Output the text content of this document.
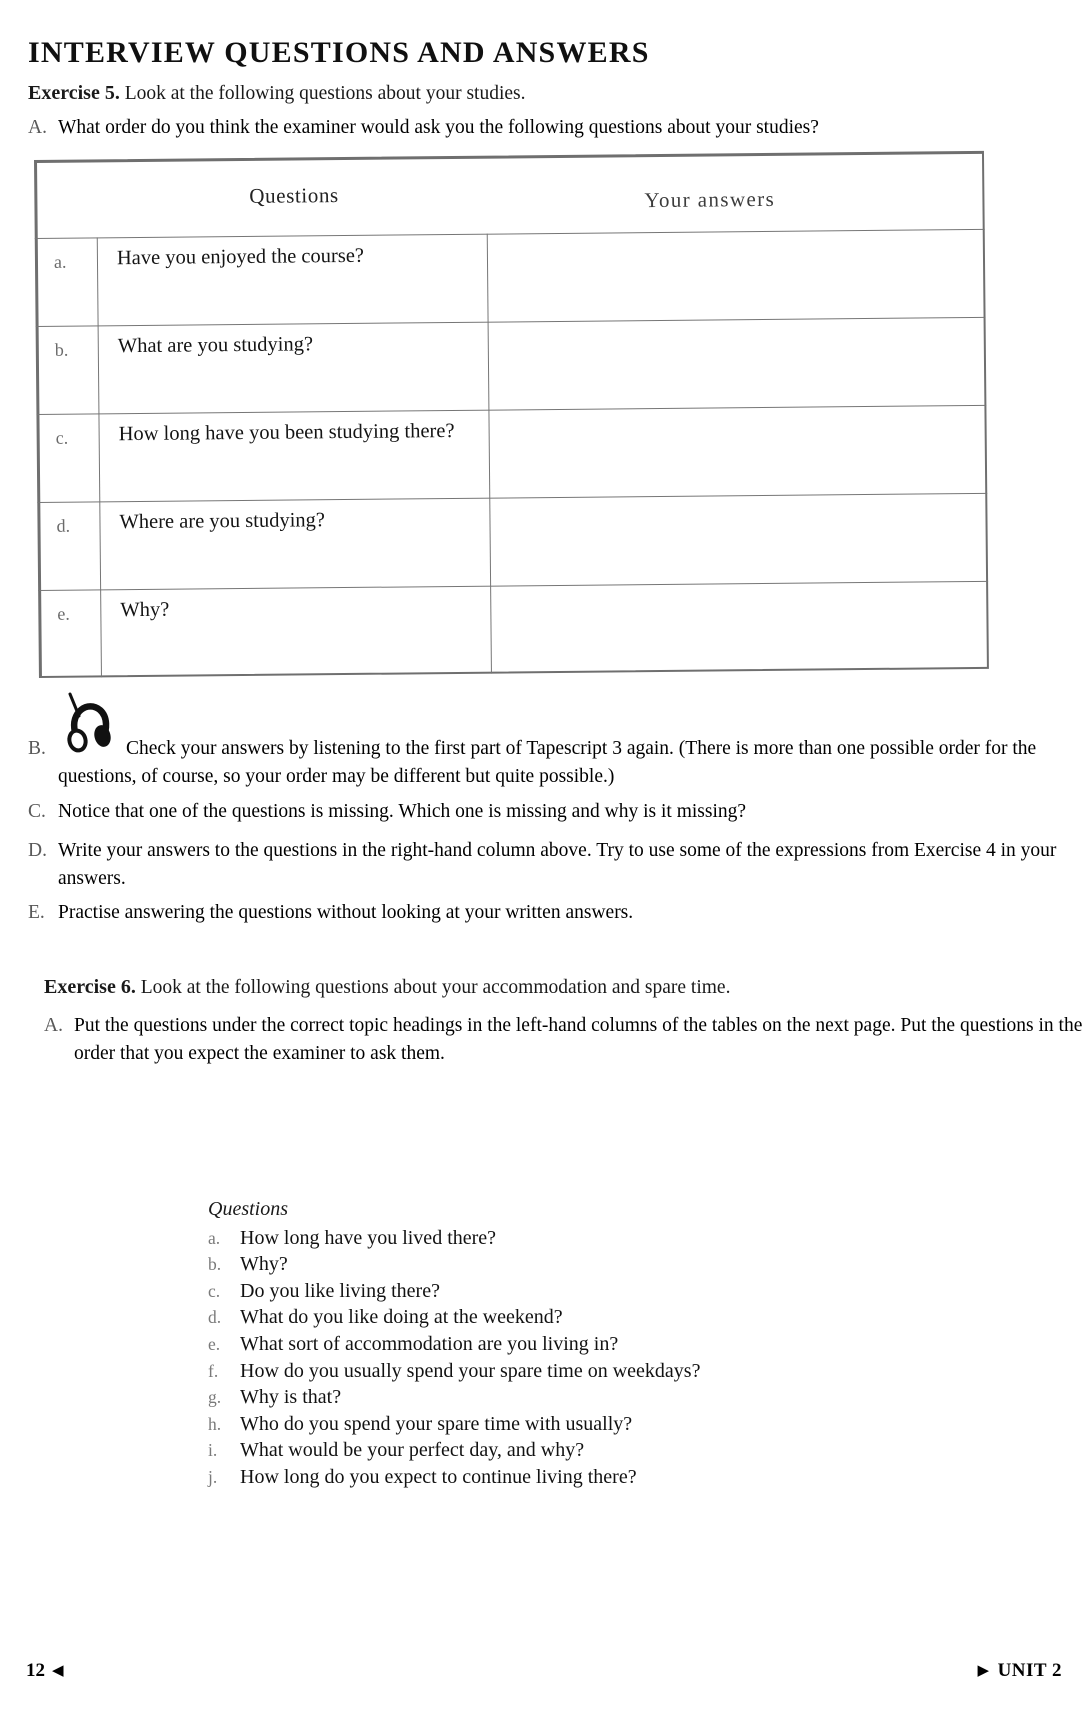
INTERVIEW QUESTIONS AND ANSWERS
Exercise 5. Look at the following questions about your studies.
A. What order do you think the examiner would ask you the following questions about your studies?
Questions	Your answers
a. Have you enjoyed the course?
b. What are you studying?
c. How long have you been studying there?
d. Where are you studying?
e. Why?
B.	Check your answers by listening to the first part of Tapescript 3 again. (There is more than one possible order for the questions, of course, so your order may be different but quite possible.)
C. Notice that one of the questions is missing. Which one is missing and why is it missing?
D. Write your answers to the questions in the right-hand column above. Try to use some of the expressions from Exercise 4 in your answers.
E. Practise answering the questions without looking at your written answers.
Exercise 6. Look at the following questions about your accommodation and spare time.
A. Put the questions under the correct topic headings in the left-hand columns of the tables on the next page. Put the questions in the order that you expect the examiner to ask them.
Questions
a. How long have you lived there?
b. Why?
c. Do you like living there?
d. What do you like doing at the weekend?
e. What sort of accommodation are you living in?
f.	How do you usually spend your spare time on weekdays?
g. Why is that?
h. Who do you spend your spare time with usually?
i.	What would be your perfect day, and why?
j.	How long do you expect to continue living there?
12 ◀	▶ UNIT 2
